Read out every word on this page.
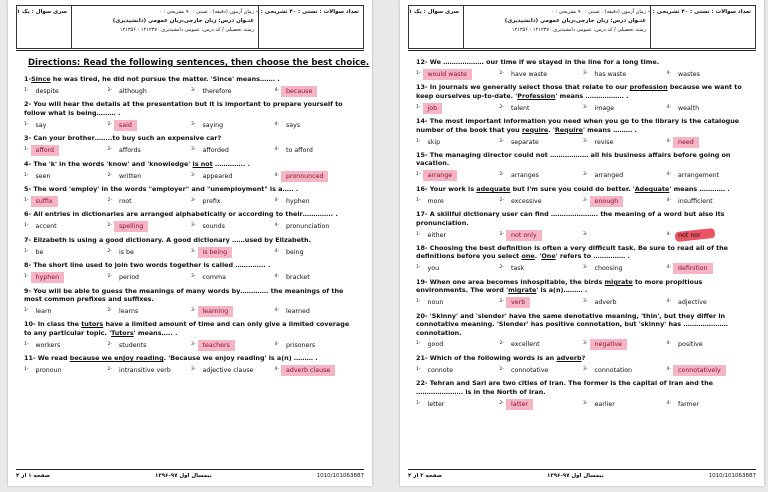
تعداد سوالات : تستی : ۴۰ تشریحی : ۰
زمان آزمون (دقیقه) : تستی : ۹۰ تشریحی : ۰
عنـوان درس: زبان خارجی،زبان عمومی (دانشپذیری)
رشته تحصیلی / کد درس: عمومی دانشپذیری ۱۲۱۲۳۷۰ - ۱۲۱۳۵۶
سری سوال : یک ۱
Directions: Read the following sentences, then choose the best choice.
1-Since he was tired, he did not pursue the matter. 'Since' means……. .
$^{1-}$ despite	$^{2-}$ although	$^{3-}$ therefore	$^{4-}$ because
2- You will hear the details at the presentation but it is important to prepare yourself to follow what is being……… .
$^{1-}$ say	$^{2-}$ said	$^{3-}$ saying	$^{4-}$ says
3- Can your brother……..to buy such an expensive car?
$^{1-}$ afford	$^{2-}$ affords	$^{3-}$ afforded	$^{4-}$ to afford
4- The 'k' in the words 'know' and 'knowledge' is not ………….. .
$^{1-}$ seen	$^{2-}$ written	$^{3-}$ appeared	$^{4-}$ pronounced
5- The word 'employ' in the words "employer" and "unemployment" is a….. .
$^{1-}$ suffix	$^{2-}$ root	$^{3-}$ prefix	$^{4-}$ hyphen
6- All entries in dictionaries are arranged alphabetically or according to their………….. .
$^{1-}$ accent	$^{2-}$ spelling	$^{3-}$ sounds	$^{4-}$ pronunciation
7- Elizabeth is using a good dictionary. A good dictionary ……used by Elizabeth.
$^{1-}$ be	$^{2-}$ is be	$^{3-}$ is being	$^{4-}$ being
8- The short line used to join two words together is called ………….. .
$^{1-}$ hyphen	$^{2-}$ period	$^{3-}$ comma	$^{4-}$ bracket
9- You will be able to guess the meanings of many words by…………. the meanings of the most common prefixes and suffixes.
$^{1-}$ learn	$^{2-}$ learns	$^{3-}$ learning	$^{4-}$ learned
10- In class the tutors have a limited amount of time and can only give a limited coverage to any particular topic. 'Tutors' means….. .
$^{1-}$ workers	$^{2-}$ students	$^{3-}$ teachers	$^{4-}$ prisoners
11- We read because we enjoy reading. 'Because we enjoy reading' is a(n) ……… .
$^{1-}$ pronoun	$^{2-}$ intransitive verb	$^{3-}$ adjective clause	$^{4-}$ adverb clause
صفحه ۱ از ۴	نیمسال اول ۹۷-۱۳۹۶	1010/101063887
تعداد سوالات : تستی : ۴۰ تشریحی : ۰
زمان آزمون (دقیقه) : تستی : ۹۰ تشریحی : ۰
عنـوان درس: زبان خارجی،زبان عمومی (دانشپذیری)
رشته تحصیلی / کد درس: عمومی دانشپذیری ۱۲۱۲۳۷۰ - ۱۲۱۳۵۶
سری سوال : یک ۱
12- We ………………. our time if we stayed in the line for a long time.
$^{1-}$ would waste	$^{2-}$ have waste	$^{3-}$ has waste	$^{4-}$ wastes
13- In journals we generally select those that relate to our profession because we want to keep ourselves up-to-date. 'Profession' means ……………… .
$^{1-}$ job	$^{2-}$ talent	$^{3-}$ image	$^{4-}$ wealth
14- The most important information you need when you go to the library is the catalogue number of the book that you require. 'Require' means ……… .
$^{1-}$ skip	$^{2-}$ separate	$^{3-}$ revise	$^{4-}$ need
15- The managing director could not ……………… all his business affairs before going on vacation.
$^{1-}$ arrange	$^{2-}$ arranges	$^{3-}$ arranged	$^{4-}$ arrangement
16- Your work is adequate but I'm sure you could do better. 'Adequate' means ………… .
$^{1-}$ more	$^{2-}$ excessive	$^{3-}$ enough	$^{4-}$ insufficient
17- A skillful dictionary user can find …………………. the meaning of a word but also its pronunciation.
$^{1-}$ either	$^{2-}$ not only	$^{3-}$	$^{4-}$ not nor
18- Choosing the best definition is often a very difficult task. Be sure to read all of the definitions before you select one. 'One' refers to …………… .
$^{1-}$ you	$^{2-}$ task	$^{3-}$ choosing	$^{4-}$ definition
19- When one area becomes inhospitable, the birds migrate to more propitious environments. The word 'migrate' is a(n)……… .
$^{1-}$ noun	$^{2-}$ verb	$^{3-}$ adverb	$^{4-}$ adjective
20- 'Skinny' and 'slender' have the same denotative meaning, 'thin', but they differ in connotative meaning. 'Slender' has positive connotation, but 'skinny' has ………………… connotation.
$^{1-}$ good	$^{2-}$ excellent	$^{3-}$ negative	$^{4-}$ positive
21- Which of the following words is an adverb?
$^{1-}$ connote	$^{2-}$ connotative	$^{3-}$ connotation	$^{4-}$ connotatively
22- Tehran and Sari are two cities of Iran. The former is the capital of Iran and the …………………. is in the North of Iran.
$^{1-}$ letter	$^{2-}$ latter	$^{3-}$ earlier	$^{4-}$ farmer
صفحه ۲ از ۴	نیمسال اول ۹۷-۱۳۹۶	1010/101063887
